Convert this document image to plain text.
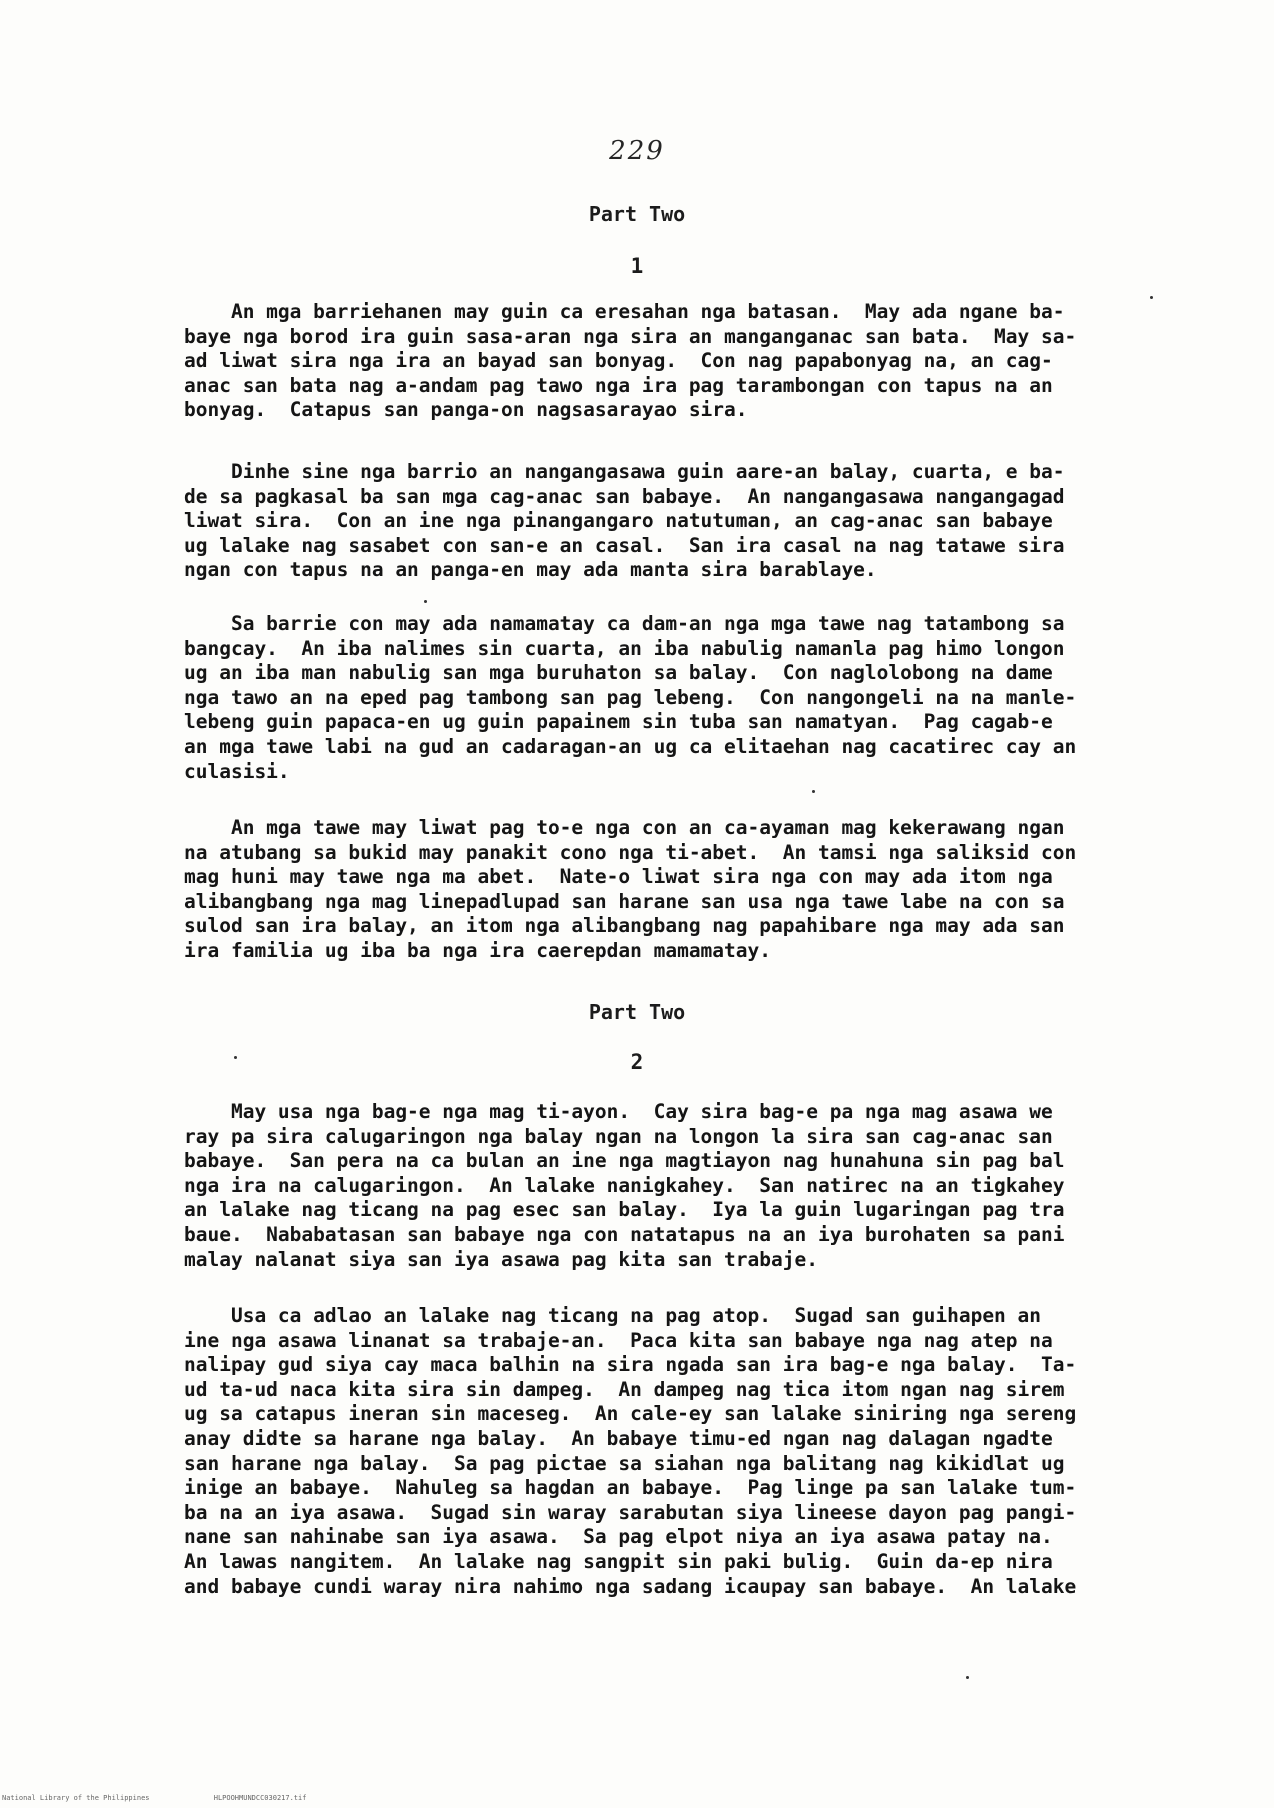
229
Part Two
1

An mga barriehanen may guin ca eresahan nga batasan.  May ada ngane ba-
baye nga borod ira guin sasa-aran nga sira an manganganac san bata.  May sa-
ad liwat sira nga ira an bayad san bonyag.  Con nag papabonyag na, an cag-
anac san bata nag a-andam pag tawo nga ira pag tarambongan con tapus na an
bonyag.  Catapus san panga-on nagsasarayao sira.

Dinhe sine nga barrio an nangangasawa guin aare-an balay, cuarta, e ba-
de sa pagkasal ba san mga cag-anac san babaye.  An nangangasawa nangangagad
liwat sira.  Con an ine nga pinangangaro natutuman, an cag-anac san babaye
ug lalake nag sasabet con san-e an casal.  San ira casal na nag tatawe sira
ngan con tapus na an panga-en may ada manta sira barablaye.

Sa barrie con may ada namamatay ca dam-an nga mga tawe nag tatambong sa
bangcay.  An iba nalimes sin cuarta, an iba nabulig namanla pag himo longon
ug an iba man nabulig san mga buruhaton sa balay.  Con naglolobong na dame
nga tawo an na eped pag tambong san pag lebeng.  Con nangongeli na na manle-
lebeng guin papaca-en ug guin papainem sin tuba san namatyan.  Pag cagab-e
an mga tawe labi na gud an cadaragan-an ug ca elitaehan nag cacatirec cay an
culasisi.

An mga tawe may liwat pag to-e nga con an ca-ayaman mag kekerawang ngan
na atubang sa bukid may panakit cono nga ti-abet.  An tamsi nga saliksid con
mag huni may tawe nga ma abet.  Nate-o liwat sira nga con may ada itom nga
alibangbang nga mag linepadlupad san harane san usa nga tawe labe na con sa
sulod san ira balay, an itom nga alibangbang nag papahibare nga may ada san
ira familia ug iba ba nga ira caerepdan mamamatay.

Part Two
2

May usa nga bag-e nga mag ti-ayon.  Cay sira bag-e pa nga mag asawa we
ray pa sira calugaringon nga balay ngan na longon la sira san cag-anac san
babaye.  San pera na ca bulan an ine nga magtiayon nag hunahuna sin pag bal
nga ira na calugaringon.  An lalake nanigkahey.  San natirec na an tigkahey
an lalake nag ticang na pag esec san balay.  Iya la guin lugaringan pag tra
baue.  Nababatasan san babaye nga con natatapus na an iya burohaten sa pani
malay nalanat siya san iya asawa pag kita san trabaje.

Usa ca adlao an lalake nag ticang na pag atop.  Sugad san guihapen an
ine nga asawa linanat sa trabaje-an.  Paca kita san babaye nga nag atep na
nalipay gud siya cay maca balhin na sira ngada san ira bag-e nga balay.  Ta-
ud ta-ud naca kita sira sin dampeg.  An dampeg nag tica itom ngan nag sirem
ug sa catapus ineran sin maceseg.  An cale-ey san lalake siniring nga sereng
anay didte sa harane nga balay.  An babaye timu-ed ngan nag dalagan ngadte
san harane nga balay.  Sa pag pictae sa siahan nga balitang nag kikidlat ug
inige an babaye.  Nahuleg sa hagdan an babaye.  Pag linge pa san lalake tum-
ba na an iya asawa.  Sugad sin waray sarabutan siya lineese dayon pag pangi-
nane san nahinabe san iya asawa.  Sa pag elpot niya an iya asawa patay na.
An lawas nangitem.  An lalake nag sangpit sin paki bulig.  Guin da-ep nira
and babaye cundi waray nira nahimo nga sadang icaupay san babaye.  An lalake

National Library of the Philippines	HLPOOHMUNDCC030217.tif
